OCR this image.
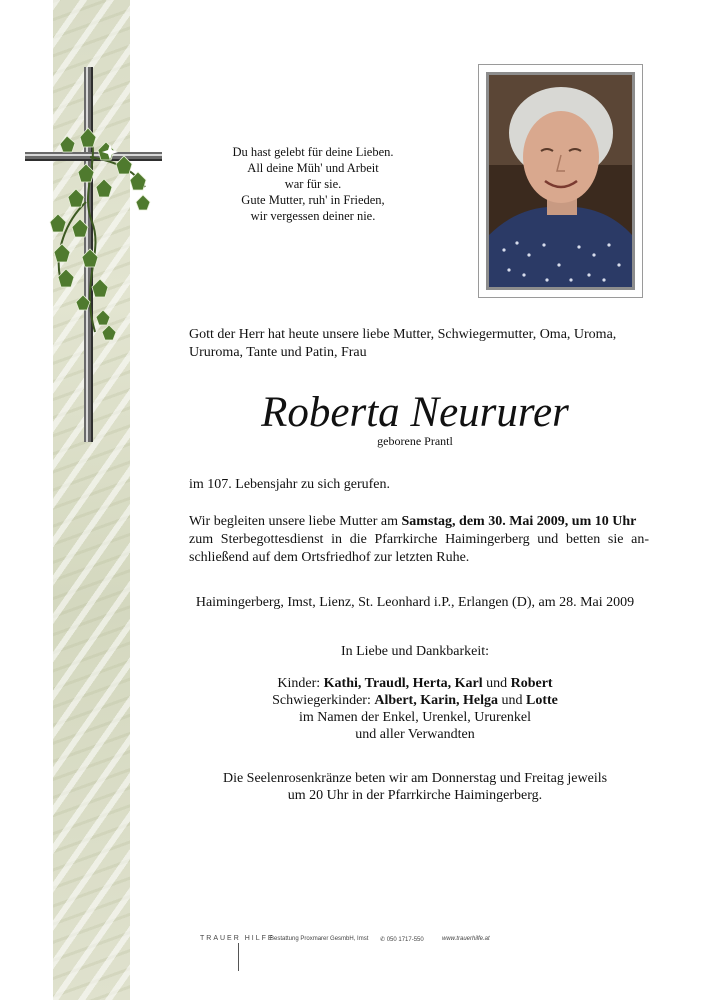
Du hast gelebt für deine Lieben.
All deine Müh' und Arbeit
war für sie.
Gute Mutter, ruh' in Frieden,
wir vergessen deiner nie.
Gott der Herr hat heute unsere liebe Mutter, Schwiegermutter, Oma, Uroma, Ururoma, Tante und Patin, Frau
Roberta Neururer
geborene Prantl
im 107. Lebensjahr zu sich gerufen.
Wir begleiten unsere liebe Mutter am Samstag, dem 30. Mai 2009, um 10 Uhr
zum Sterbegottesdienst in die Pfarrkirche Haimingerberg und betten sie an-
schließend auf dem Ortsfriedhof zur letzten Ruhe.
Haimingerberg, Imst, Lienz, St. Leonhard i.P., Erlangen (D), am 28. Mai 2009
In Liebe und Dankbarkeit:
Kinder: Kathi, Traudl, Herta, Karl und Robert
Schwiegerkinder: Albert, Karin, Helga und Lotte
im Namen der Enkel, Urenkel, Ururenkel
und aller Verwandten
Die Seelenrosenkränze beten wir am Donnerstag und Freitag jeweils
um 20 Uhr in der Pfarrkirche Haimingerberg.
TRAUER HILFE
Bestattung Proxmarer GesmbH, Imst ✆ 050 1717-550	www.trauerhilfe.at
